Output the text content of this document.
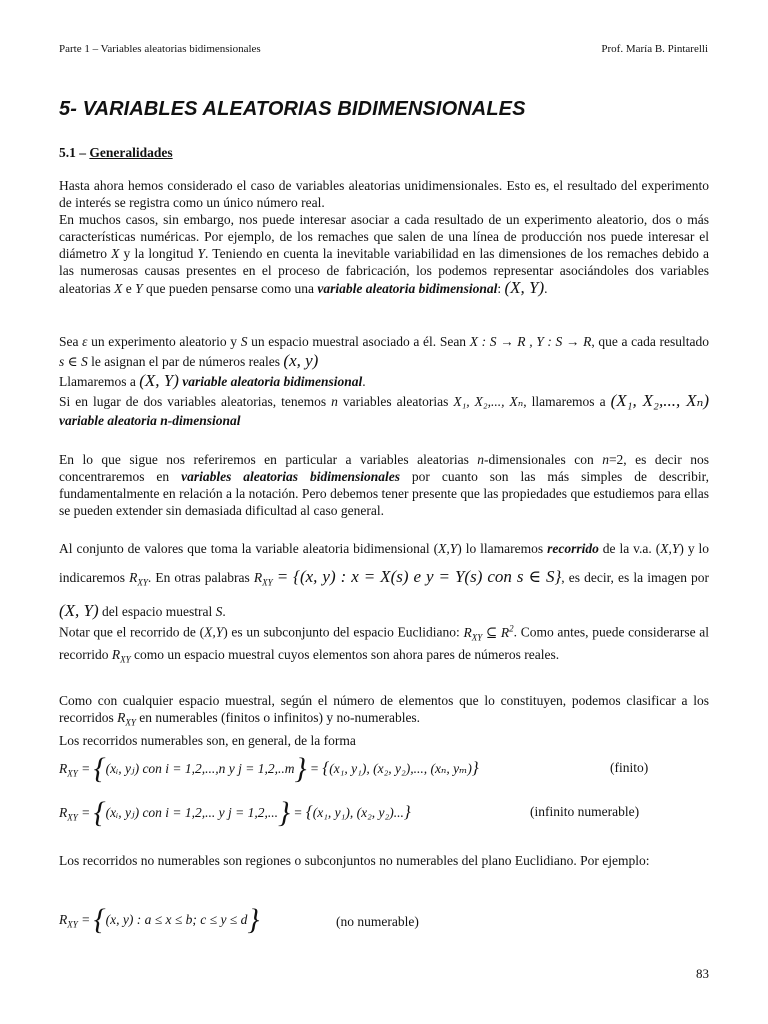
Parte 1 – Variables aleatorias bidimensionales	Prof. María B. Pintarelli
5- VARIABLES ALEATORIAS BIDIMENSIONALES
5.1 – Generalidades

Hasta ahora hemos considerado el caso de variables aleatorias unidimensionales. Esto es, el resultado del experimento de interés se registra como un único número real.
En muchos casos, sin embargo, nos puede interesar asociar a cada resultado de un experimento aleatorio, dos o más características numéricas. Por ejemplo, de los remaches que salen de una línea de producción nos puede interesar el diámetro X y la longitud Y. Teniendo en cuenta la inevitable variabilidad en las dimensiones de los remaches debido a las numerosas causas presentes en el proceso de fabricación, los podemos representar asociándoles dos variables aleatorias X e Y que pueden pensarse como una variable aleatoria bidimensional: (X, Y).

Sea ε un experimento aleatorio y S un espacio muestral asociado a él. Sean X : S → R , Y : S → R, que a cada resultado s ∈ S le asignan el par de números reales (x, y)
Llamaremos a (X, Y) variable aleatoria bidimensional.
Si en lugar de dos variables aleatorias, tenemos n variables aleatorias X₁, X₂,..., Xₙ, llamaremos a (X₁, X₂,..., Xₙ) variable aleatoria n-dimensional

En lo que sigue nos referiremos en particular a variables aleatorias n-dimensionales con n=2, es decir nos concentraremos en variables aleatorias bidimensionales por cuanto son las más simples de describir, fundamentalmente en relación a la notación. Pero debemos tener presente que las propiedades que estudiemos para ellas se pueden extender sin demasiada dificultad al caso general.

Al conjunto de valores que toma la variable aleatoria bidimensional (X,Y) lo llamaremos recorrido de la v.a. (X,Y) y lo indicaremos $R_{XY}$. En otras palabras $R_{XY} = \{(x$, y) : x = X(s) e y = Y(s) con s ∈ S}, es decir, es la imagen por (X, Y) del espacio muestral S.

Notar que el recorrido de (X,Y) es un subconjunto del espacio Euclidiano: $R_{XY}$ ⊆ $R^2$. Como antes, puede considerarse al recorrido $R_{XY}$ como un espacio muestral cuyos elementos son ahora pares de números reales.

Como con cualquier espacio muestral, según el número de elementos que lo constituyen, podemos clasificar a los recorridos $R_{XY}$ en numerables (finitos o infinitos) y no-numerables.
Los recorridos numerables son, en general, de la forma

$R_{XY}$ = {(xᵢ, yⱼ) con i = 1,2,...,n y j = 1,2,..m} = {(x₁, y₁), (x₂, y₂),..., (xₙ, yₘ)}	(finito)
$R_{XY}$ = {(xᵢ, yⱼ) con i = 1,2,... y j = 1,2,...} = {(x₁, y₁), (x₂, y₂)...}	(infinito numerable)

Los recorridos no numerables son regiones o subconjuntos no numerables del plano Euclidiano. Por ejemplo:

$R_{XY} = \{(x$, y) : a ≤ x ≤ b; c ≤ y ≤ d}	(no numerable)
83
